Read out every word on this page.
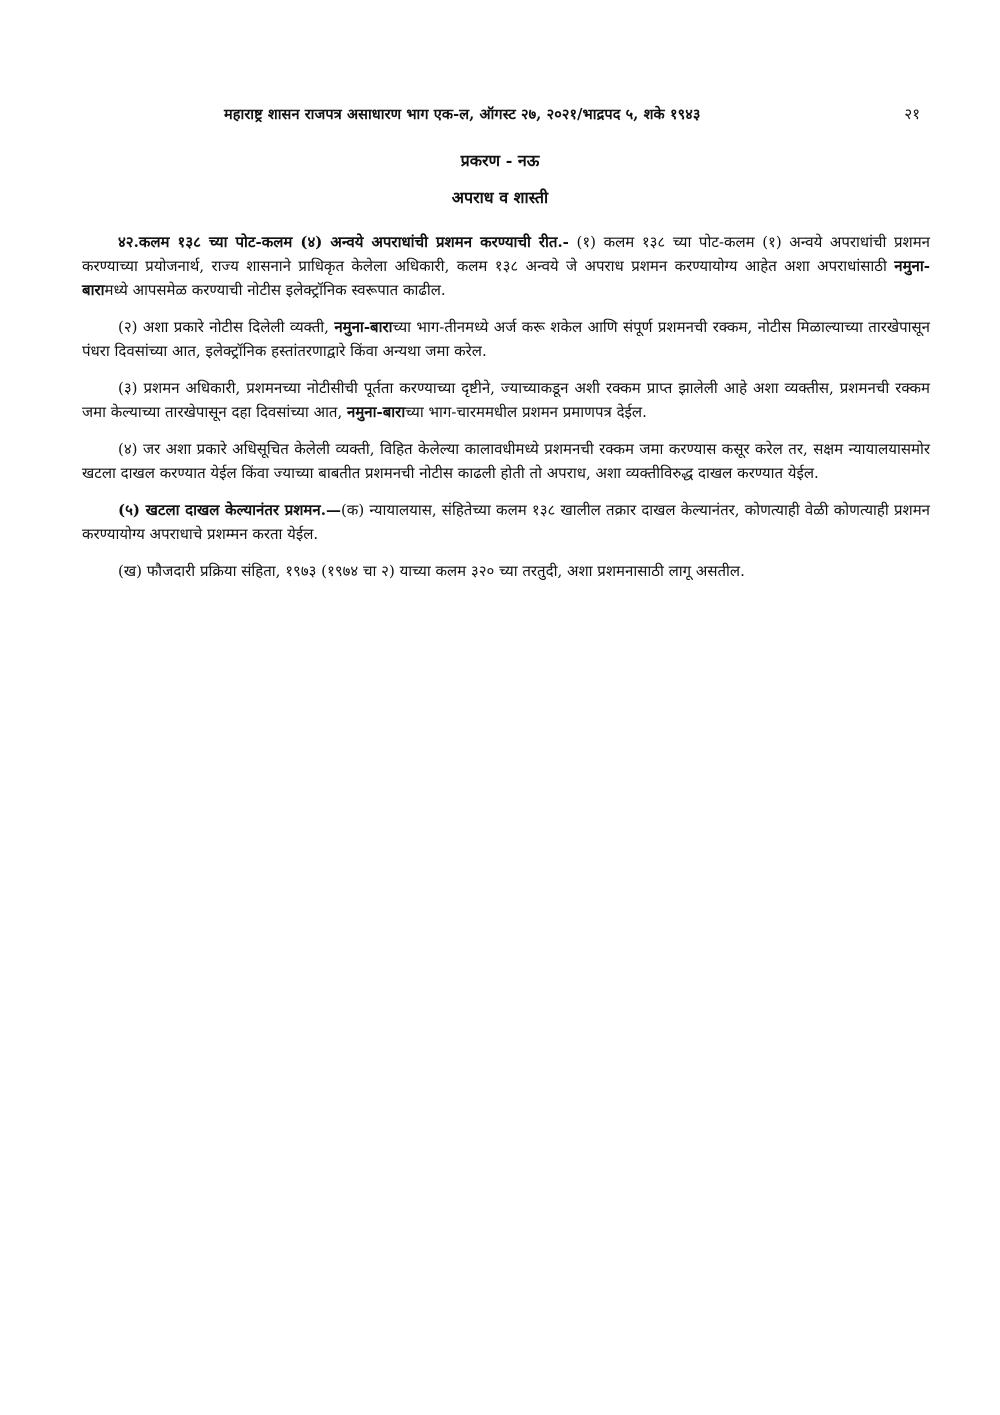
महाराष्ट्र शासन राजपत्र असाधारण भाग एक-ल, ऑगस्ट २७, २०२१/भाद्रपद ५, शके १९४३	२१
प्रकरण - नऊ
अपराध व शास्ती

४२.कलम १३८ च्या पोट-कलम (४) अन्वये अपराधांची प्रशमन करण्याची रीत.- (१) कलम १३८ च्या पोट-कलम (१) अन्वये अपराधांची प्रशमन करण्याच्या प्रयोजनार्थ, राज्य शासनाने प्राधिकृत केलेला अधिकारी, कलम १३८ अन्वये जे अपराध प्रशमन करण्यायोग्य आहेत अशा अपराधांसाठी नमुना-बारामध्ये आपसमेळ करण्याची नोटीस इलेक्ट्रॉनिक स्वरूपात काढील.

(२) अशा प्रकारे नोटीस दिलेली व्यक्ती, नमुना-बाराच्या भाग-तीनमध्ये अर्ज करू शकेल आणि संपूर्ण प्रशमनची रक्कम, नोटीस मिळाल्याच्या तारखेपासून पंधरा दिवसांच्या आत, इलेक्ट्रॉनिक हस्तांतरणाद्वारे किंवा अन्यथा जमा करेल.

(३) प्रशमन अधिकारी, प्रशमनच्या नोटीसीची पूर्तता करण्याच्या दृष्टीने, ज्याच्याकडून अशी रक्कम प्राप्त झालेली आहे अशा व्यक्तीस, प्रशमनची रक्कम जमा केल्याच्या तारखेपासून दहा दिवसांच्या आत, नमुना-बाराच्या भाग-चारममधील प्रशमन प्रमाणपत्र देईल.

(४) जर अशा प्रकारे अधिसूचित केलेली व्यक्ती, विहित केलेल्या कालावधीमध्ये प्रशमनची रक्कम जमा करण्यास कसूर करेल तर, सक्षम न्यायालयासमोर खटला दाखल करण्यात येईल किंवा ज्याच्या बाबतीत प्रशमनची नोटीस काढली होती तो अपराध, अशा व्यक्तीविरुद्ध दाखल करण्यात येईल.

(५) खटला दाखल केल्यानंतर प्रशमन.—(क) न्यायालयास, संहितेच्या कलम १३८ खालील तक्रार दाखल केल्यानंतर, कोणत्याही वेळी कोणत्याही प्रशमन करण्यायोग्य अपराधाचे प्रशम्मन करता येईल.

(ख) फौजदारी प्रक्रिया संहिता, १९७३ (१९७४ चा २) याच्या कलम ३२० च्या तरतुदी, अशा प्रशमनासाठी लागू असतील.
